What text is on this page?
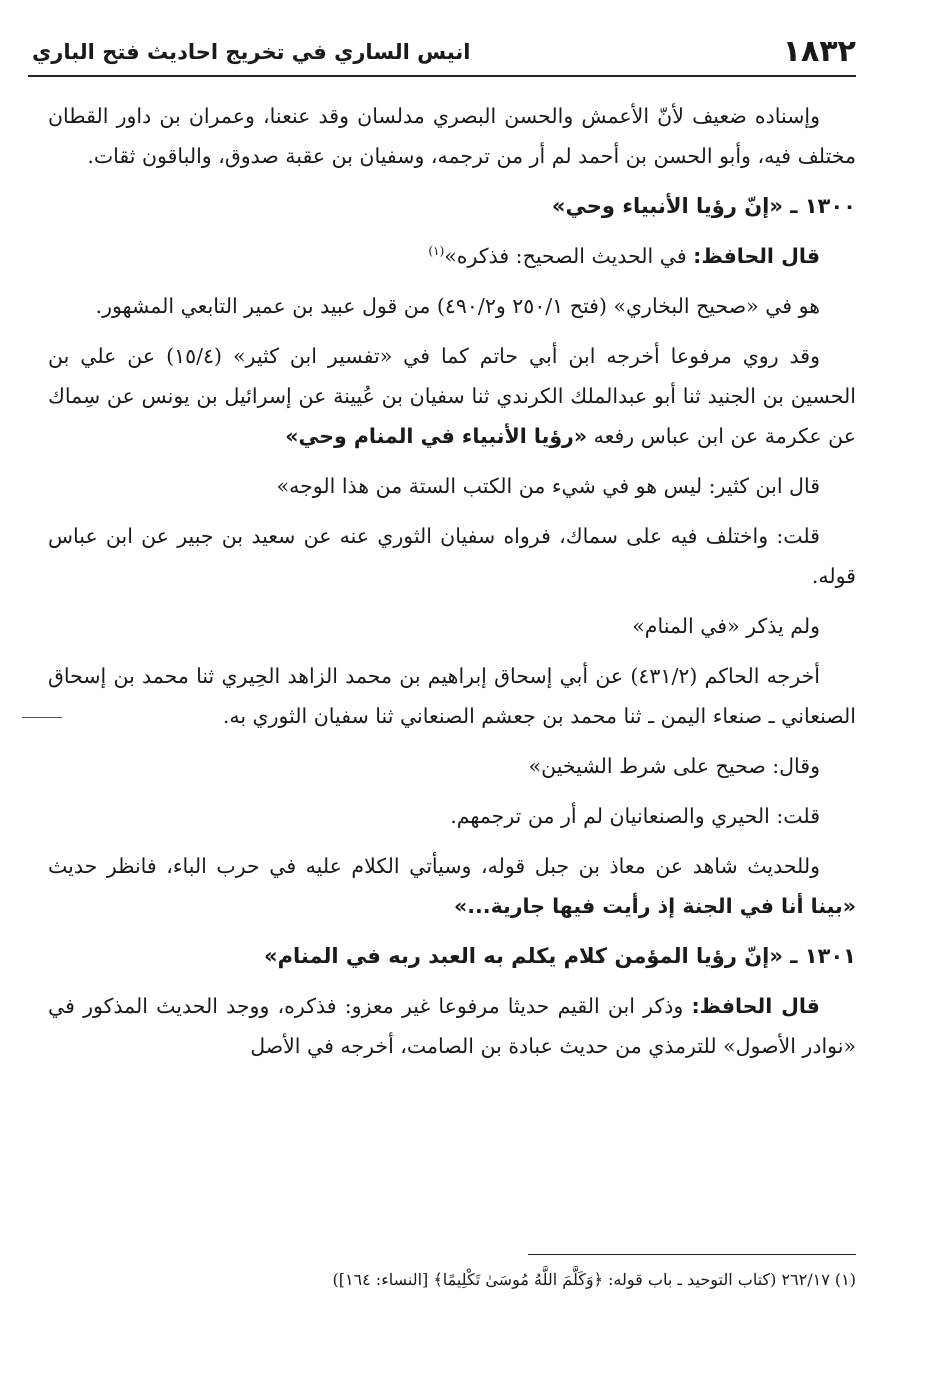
١٨٣٢
انيس الساري في تخريج احاديث فتح الباري

وإسناده ضعيف لأنّ الأعمش والحسن البصري مدلسان وقد عنعنا، وعمران بن داور القطان مختلف فيه، وأبو الحسن بن أحمد لم أر من ترجمه، وسفيان بن عقبة صدوق، والباقون ثقات.

١٣٠٠ ـ «إنّ رؤيا الأنبياء وحي»

قال الحافظ: في الحديث الصحيح: فذكره»$^{(١)}$

هو في «صحيح البخاري» (فتح ٢٥٠/١ و٤٩٠/٢) من قول عبيد بن عمير التابعي المشهور.

وقد روي مرفوعا أخرجه ابن أبي حاتم كما في «تفسير ابن كثير» (١٥/٤) عن علي بن الحسين بن الجنيد ثنا أبو عبدالملك الكرندي ثنا سفيان بن عُيينة عن إسرائيل بن يونس عن سِماك عن عكرمة عن ابن عباس رفعه «رؤيا الأنبياء في المنام وحي»

قال ابن كثير: ليس هو في شيء من الكتب الستة من هذا الوجه»

قلت: واختلف فيه على سماك، فرواه سفيان الثوري عنه عن سعيد بن جبير عن ابن عباس قوله.

ولم يذكر «في المنام»

أخرجه الحاكم (٤٣١/٢) عن أبي إسحاق إبراهيم بن محمد الزاهد الحِيري ثنا محمد بن إسحاق الصنعاني ـ صنعاء اليمن ـ ثنا محمد بن جعشم الصنعاني ثنا سفيان الثوري به.

وقال: صحيح على شرط الشيخين»

قلت: الحيري والصنعانيان لم أر من ترجمهم.

وللحديث شاهد عن معاذ بن جبل قوله، وسيأتي الكلام عليه في حرب الباء، فانظر حديث «بينا أنا في الجنة إذ رأيت فيها جارية...»

١٣٠١ ـ «إنّ رؤيا المؤمن كلام يكلم به العبد ربه في المنام»

قال الحافظ: وذكر ابن القيم حديثا مرفوعا غير معزو: فذكره، ووجد الحديث المذكور في «نوادر الأصول» للترمذي من حديث عبادة بن الصامت، أخرجه في الأصل

(١) ٢٦٢/١٧ (كتاب التوحيد ـ باب قوله: ﴿وَكَلَّمَ اللَّهُ مُوسَىٰ تَكْلِيمًا﴾ [النساء: ١٦٤])
